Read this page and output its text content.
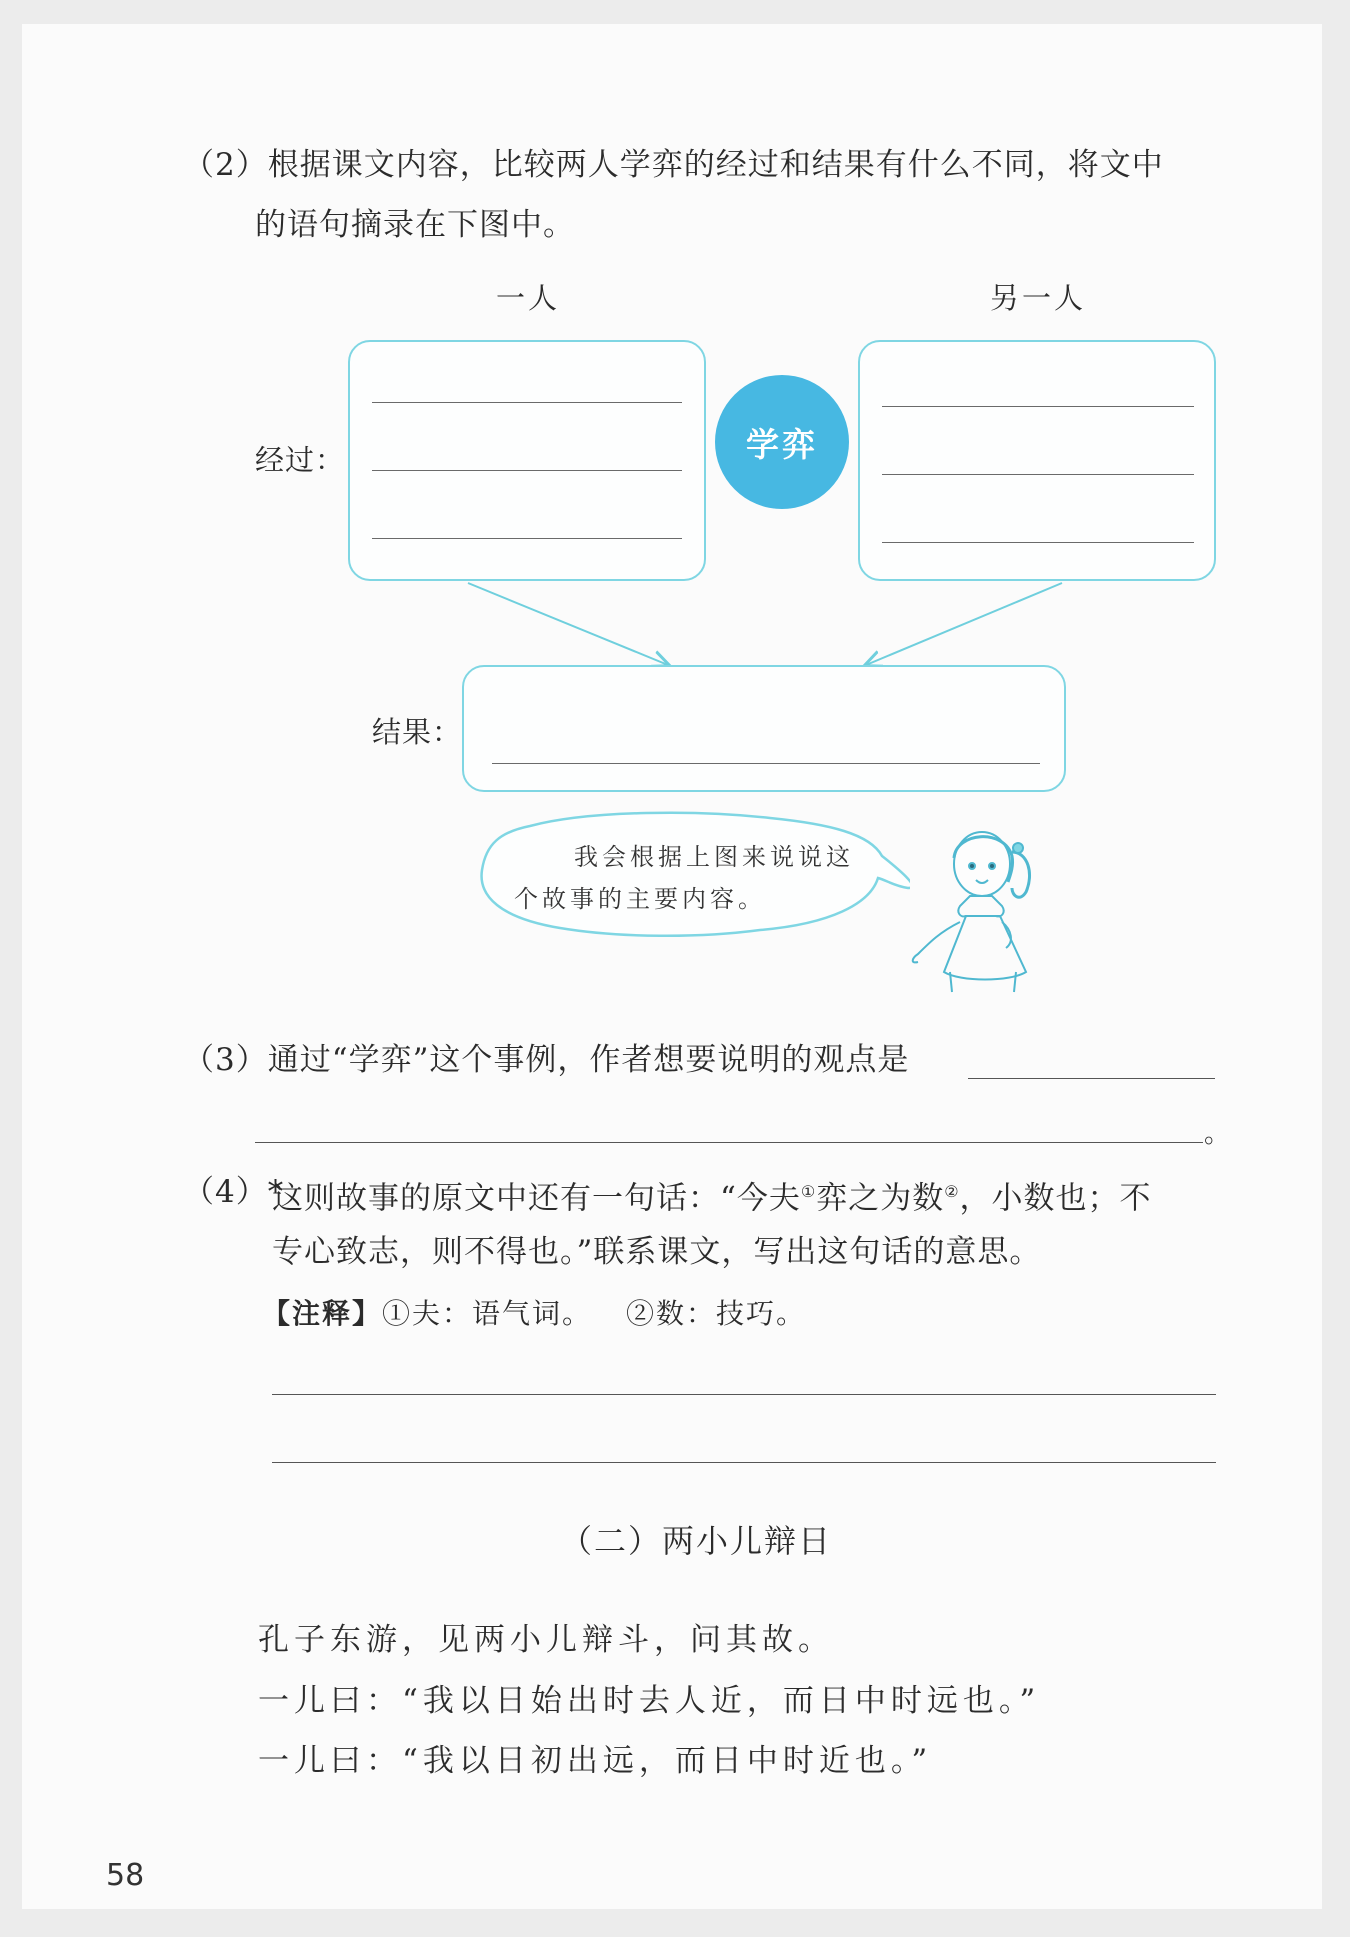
（2）根据课文内容，比较两人学弈的经过和结果有什么不同，将文中
的语句摘录在下图中。
一人	另一人
经过：	学弈
结果：
我会根据上图来说说这
个故事的主要内容。
（3）通过“学弈”这个事例，作者想要说明的观点是
。
（4）*
这则故事的原文中还有一句话：“今夫①弈之为数②，小数也；不
专心致志，则不得也。”联系课文，写出这句话的意思。
【注释】①夫：语气词。 ②数：技巧。
（二）两小儿辩日
孔子东游，见两小儿辩斗，问其故。
一儿曰：“我以日始出时去人近，而日中时远也。”
一儿曰：“我以日初出远，而日中时近也。”
58
